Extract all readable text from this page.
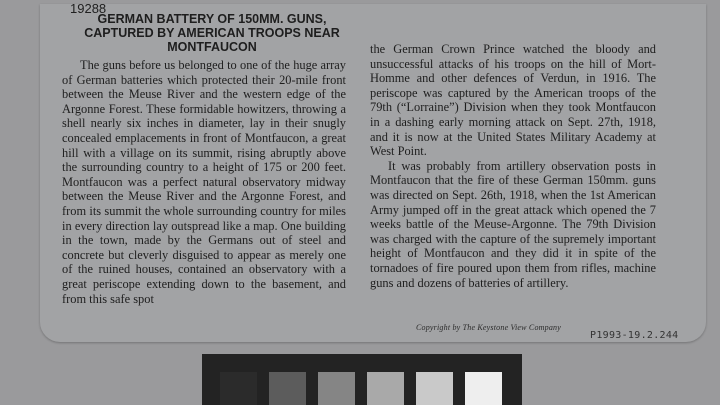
19288
GERMAN BATTERY OF 150MM. GUNS, CAPTURED BY AMERICAN TROOPS NEAR MONTFAUCON

The guns before us belonged to one of the huge array of German batteries which protected their 20-mile front between the Meuse River and the western edge of the Argonne Forest. These formidable howitzers, throwing a shell nearly six inches in diameter, lay in their snugly concealed emplacements in front of Montfaucon, a great hill with a village on its summit, rising abruptly above the surrounding country to a height of 175 or 200 feet. Montfaucon was a perfect natural observatory midway between the Meuse River and the Argonne Forest, and from its summit the whole surrounding country for miles in every direction lay outspread like a map. One building in the town, made by the Germans out of steel and concrete but cleverly disguised to appear as merely one of the ruined houses, contained an observatory with a great periscope extending down to the basement, and from this safe spot

the German Crown Prince watched the bloody and unsuccessful attacks of his troops on the hill of Mort-Homme and other defences of Verdun, in 1916. The periscope was captured by the American troops of the 79th (“Lorraine”) Division when they took Montfaucon in a dashing early morning attack on Sept. 27th, 1918, and it is now at the United States Military Academy at West Point.

It was probably from artillery observation posts in Montfaucon that the fire of these German 150mm. guns was directed on Sept. 26th, 1918, when the 1st American Army jumped off in the great attack which opened the 7 weeks battle of the Meuse-Argonne. The 79th Division was charged with the capture of the supremely important height of Montfaucon and they did it in spite of the tornadoes of fire poured upon them from rifles, machine guns and dozens of batteries of artillery.

Copyright by The Keystone View Company
P1993-19.2.244
